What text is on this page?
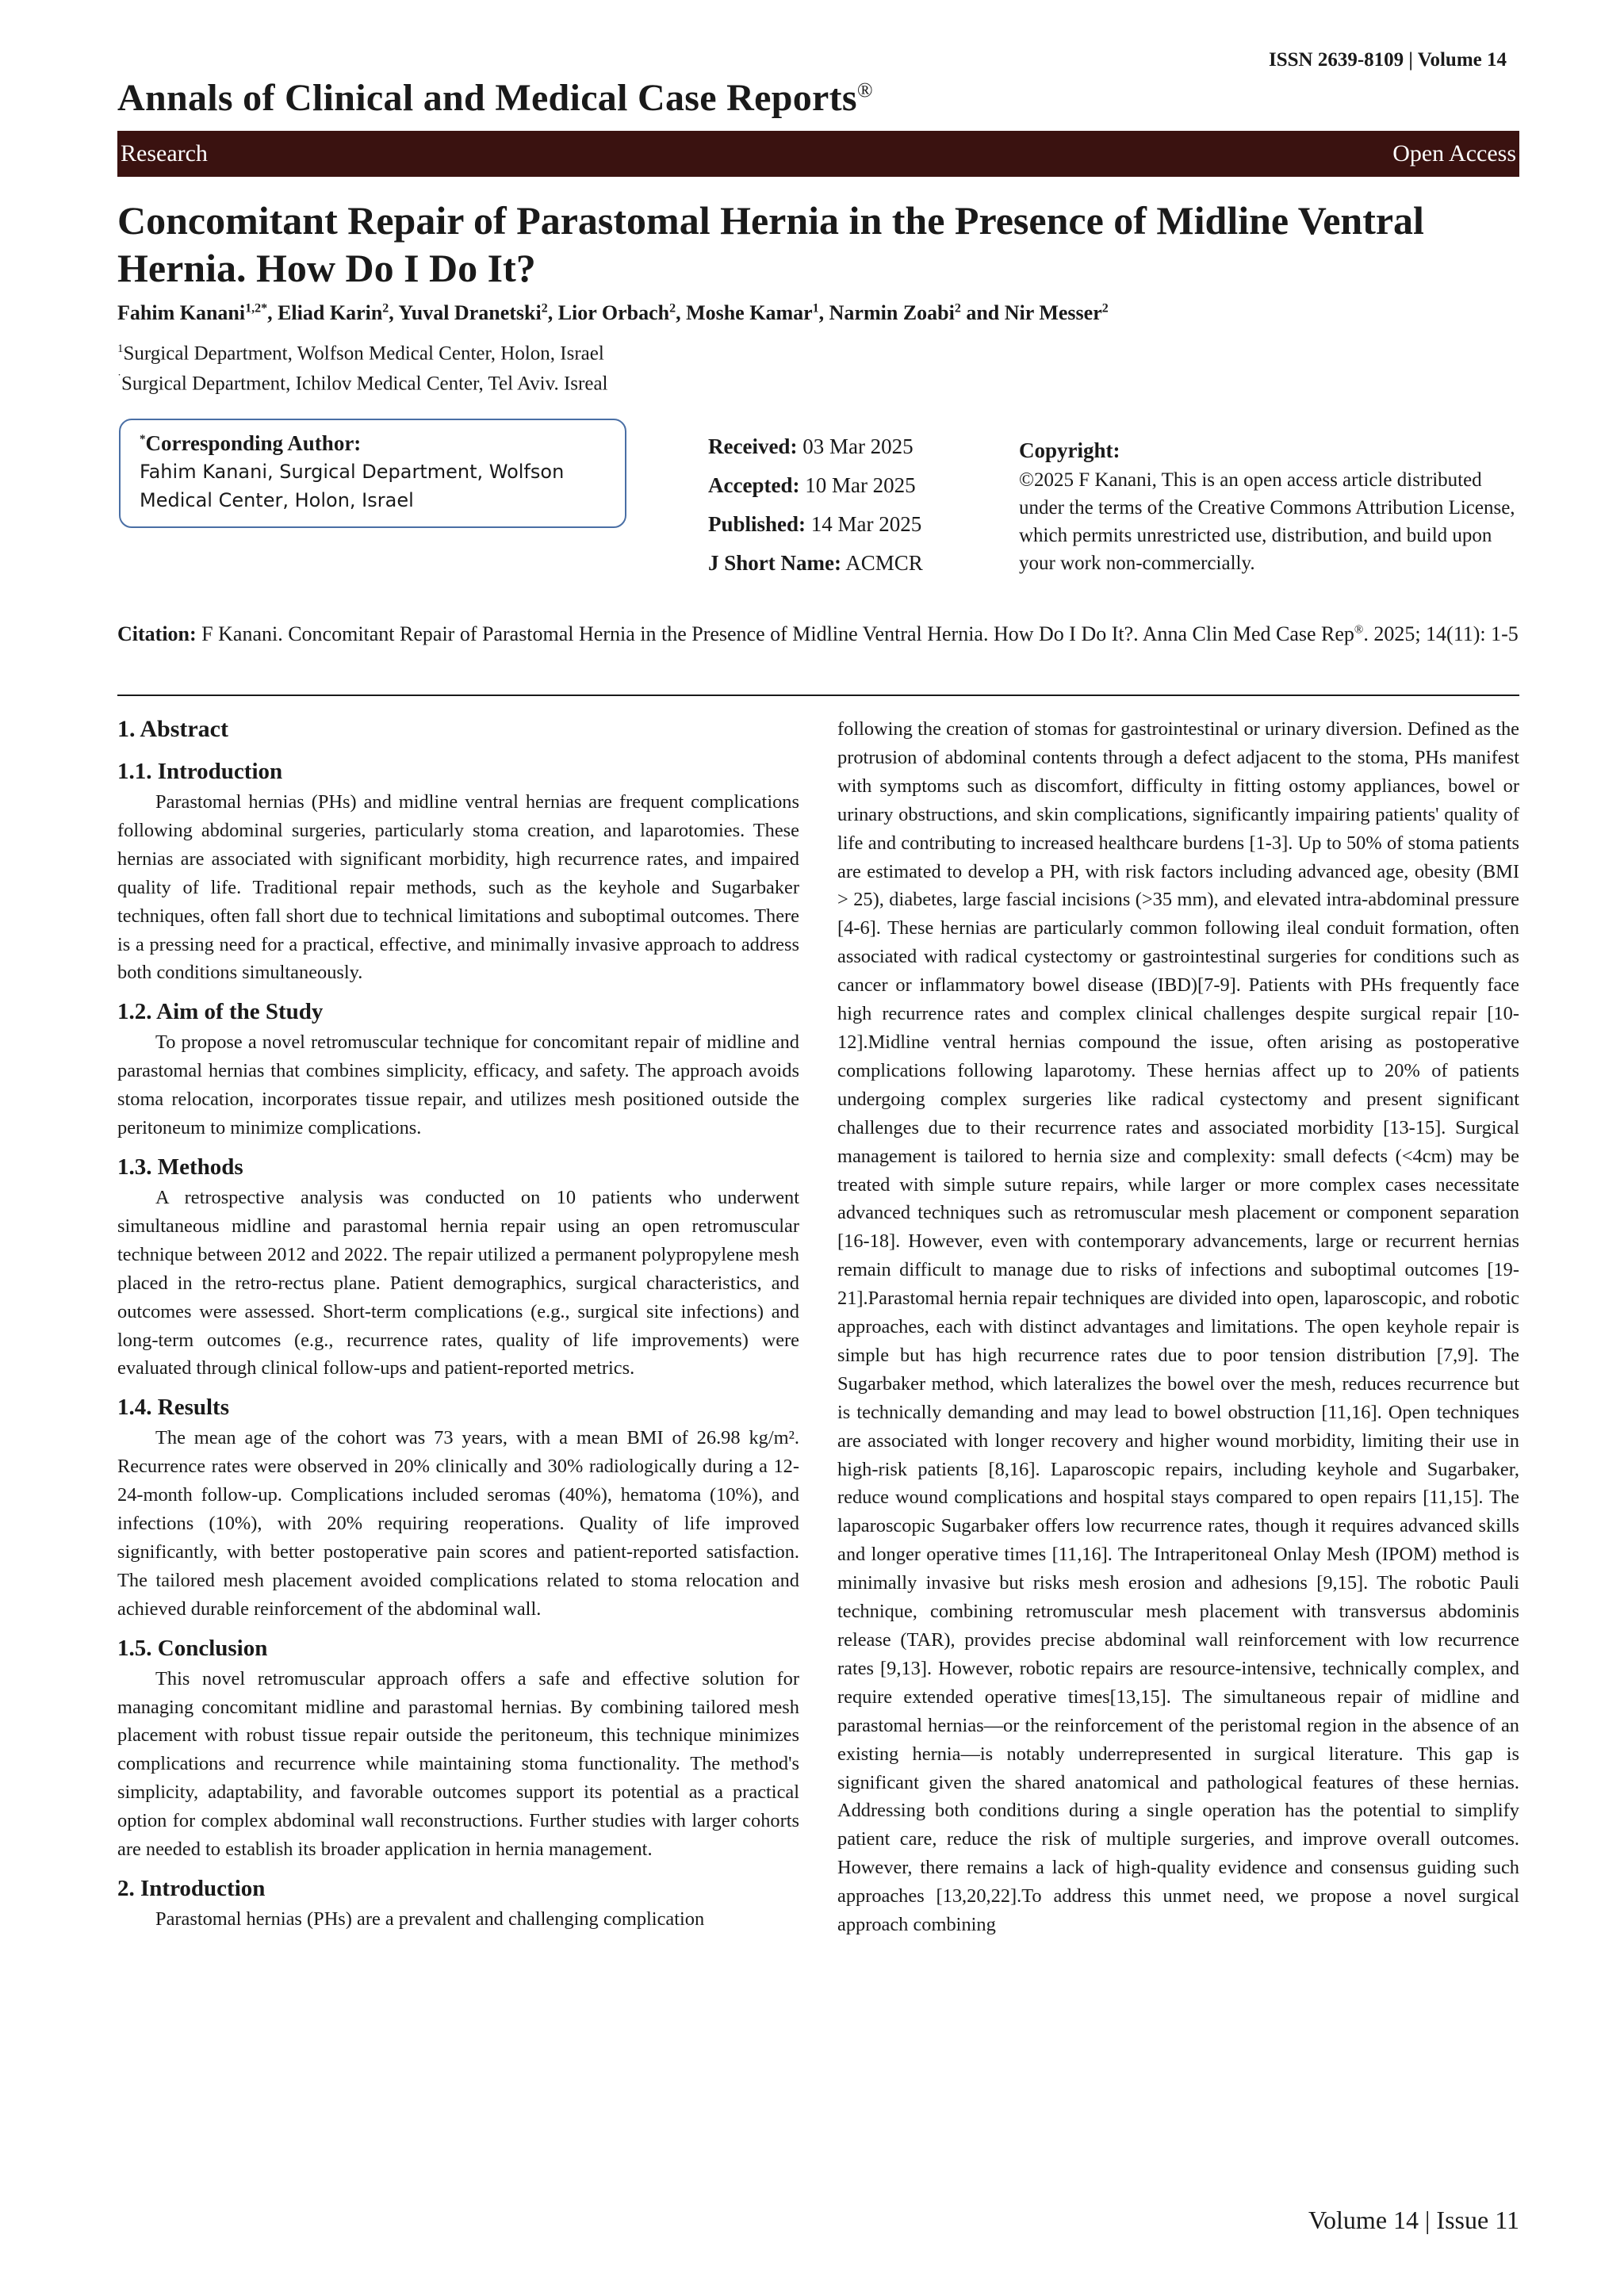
ISSN 2639-8109 | Volume 14
Annals of Clinical and Medical Case Reports®
Research	Open Access
Concomitant Repair of Parastomal Hernia in the Presence of Midline Ventral Hernia. How Do I Do It?
Fahim Kanani$^{1,2*}$, Eliad Karin$^2$, Yuval Dranetski$^2$, Lior Orbach$^2$, Moshe Kamar$^1$, Narmin Zoabi$^2$ and Nir Messer$^2$
$^1$Surgical Department, Wolfson Medical Center, Holon, Israel
˙Surgical Department, Ichilov Medical Center, Tel Aviv. Isreal
*Corresponding Author:
Fahim Kanani, Surgical Department, Wolfson Medical Center, Holon, Israel
Received: 03 Mar 2025
Accepted: 10 Mar 2025
Published: 14 Mar 2025
J Short Name: ACMCR
Copyright:
©2025 F Kanani, This is an open access article distributed under the terms of the Creative Commons Attribution License, which permits unrestricted use, distribution, and build upon your work non-commercially.
Citation: F Kanani. Concomitant Repair of Parastomal Hernia in the Presence of Midline Ventral Hernia. How Do I Do It?. Anna Clin Med Case Rep®. 2025; 14(11): 1-5
1. Abstract
1.1. Introduction

Parastomal hernias (PHs) and midline ventral hernias are frequent complications following abdominal surgeries, particularly stoma creation, and laparotomies. These hernias are associated with significant morbidity, high recurrence rates, and impaired quality of life. Traditional repair methods, such as the keyhole and Sugarbaker techniques, often fall short due to technical limitations and suboptimal outcomes. There is a pressing need for a practical, effective, and minimally invasive approach to address both conditions simultaneously.

1.2. Aim of the Study

To propose a novel retromuscular technique for concomitant repair of midline and parastomal hernias that combines simplicity, efficacy, and safety. The approach avoids stoma relocation, incorporates tissue repair, and utilizes mesh positioned outside the peritoneum to minimize complications.

1.3. Methods

A retrospective analysis was conducted on 10 patients who underwent simultaneous midline and parastomal hernia repair using an open retromuscular technique between 2012 and 2022. The repair utilized a permanent polypropylene mesh placed in the retro-rectus plane. Patient demographics, surgical characteristics, and outcomes were assessed. Short-term complications (e.g., surgical site infections) and long-term outcomes (e.g., recurrence rates, quality of life improvements) were evaluated through clinical follow-ups and patient-reported metrics.

1.4. Results

The mean age of the cohort was 73 years, with a mean BMI of 26.98 kg/m². Recurrence rates were observed in 20% clinically and 30% radiologically during a 12-24-month follow-up. Complications included seromas (40%), hematoma (10%), and infections (10%), with 20% requiring reoperations. Quality of life improved significantly, with better postoperative pain scores and patient-reported satisfaction. The tailored mesh placement avoided complications related to stoma relocation and achieved durable reinforcement of the abdominal wall.

1.5. Conclusion

This novel retromuscular approach offers a safe and effective solution for managing concomitant midline and parastomal hernias. By combining tailored mesh placement with robust tissue repair outside the peritoneum, this technique minimizes complications and recurrence while maintaining stoma functionality. The method's simplicity, adaptability, and favorable outcomes support its potential as a practical option for complex abdominal wall reconstructions. Further studies with larger cohorts are needed to establish its broader application in hernia management.

2. Introduction

Parastomal hernias (PHs) are a prevalent and challenging complication

following the creation of stomas for gastrointestinal or urinary diversion. Defined as the protrusion of abdominal contents through a defect adjacent to the stoma, PHs manifest with symptoms such as discomfort, difficulty in fitting ostomy appliances, bowel or urinary obstructions, and skin complications, significantly impairing patients' quality of life and contributing to increased healthcare burdens [1-3]. Up to 50% of stoma patients are estimated to develop a PH, with risk factors including advanced age, obesity (BMI > 25), diabetes, large fascial incisions (>35 mm), and elevated intra-abdominal pressure [4-6]. These hernias are particularly common following ileal conduit formation, often associated with radical cystectomy or gastrointestinal surgeries for conditions such as cancer or inflammatory bowel disease (IBD)[7-9]. Patients with PHs frequently face high recurrence rates and complex clinical challenges despite surgical repair [10-12].Midline ventral hernias compound the issue, often arising as postoperative complications following laparotomy. These hernias affect up to 20% of patients undergoing complex surgeries like radical cystectomy and present significant challenges due to their recurrence rates and associated morbidity [13-15]. Surgical management is tailored to hernia size and complexity: small defects (<4cm) may be treated with simple suture repairs, while larger or more complex cases necessitate advanced techniques such as retromuscular mesh placement or component separation [16-18]. However, even with contemporary advancements, large or recurrent hernias remain difficult to manage due to risks of infections and suboptimal outcomes [19-21].Parastomal hernia repair techniques are divided into open, laparoscopic, and robotic approaches, each with distinct advantages and limitations. The open keyhole repair is simple but has high recurrence rates due to poor tension distribution [7,9]. The Sugarbaker method, which lateralizes the bowel over the mesh, reduces recurrence but is technically demanding and may lead to bowel obstruction [11,16]. Open techniques are associated with longer recovery and higher wound morbidity, limiting their use in high-risk patients [8,16]. Laparoscopic repairs, including keyhole and Sugarbaker, reduce wound complications and hospital stays compared to open repairs [11,15]. The laparoscopic Sugarbaker offers low recurrence rates, though it requires advanced skills and longer operative times [11,16]. The Intraperitoneal Onlay Mesh (IPOM) method is minimally invasive but risks mesh erosion and adhesions [9,15]. The robotic Pauli technique, combining retromuscular mesh placement with transversus abdominis release (TAR), provides precise abdominal wall reinforcement with low recurrence rates [9,13]. However, robotic repairs are resource-intensive, technically complex, and require extended operative times[13,15]. The simultaneous repair of midline and parastomal hernias—or the reinforcement of the peristomal region in the absence of an existing hernia—is notably underrepresented in surgical literature. This gap is significant given the shared anatomical and pathological features of these hernias. Addressing both conditions during a single operation has the potential to simplify patient care, reduce the risk of multiple surgeries, and improve overall outcomes. However, there remains a lack of high-quality evidence and consensus guiding such approaches [13,20,22].To address this unmet need, we propose a novel surgical approach combining

Volume 14 | Issue 11
